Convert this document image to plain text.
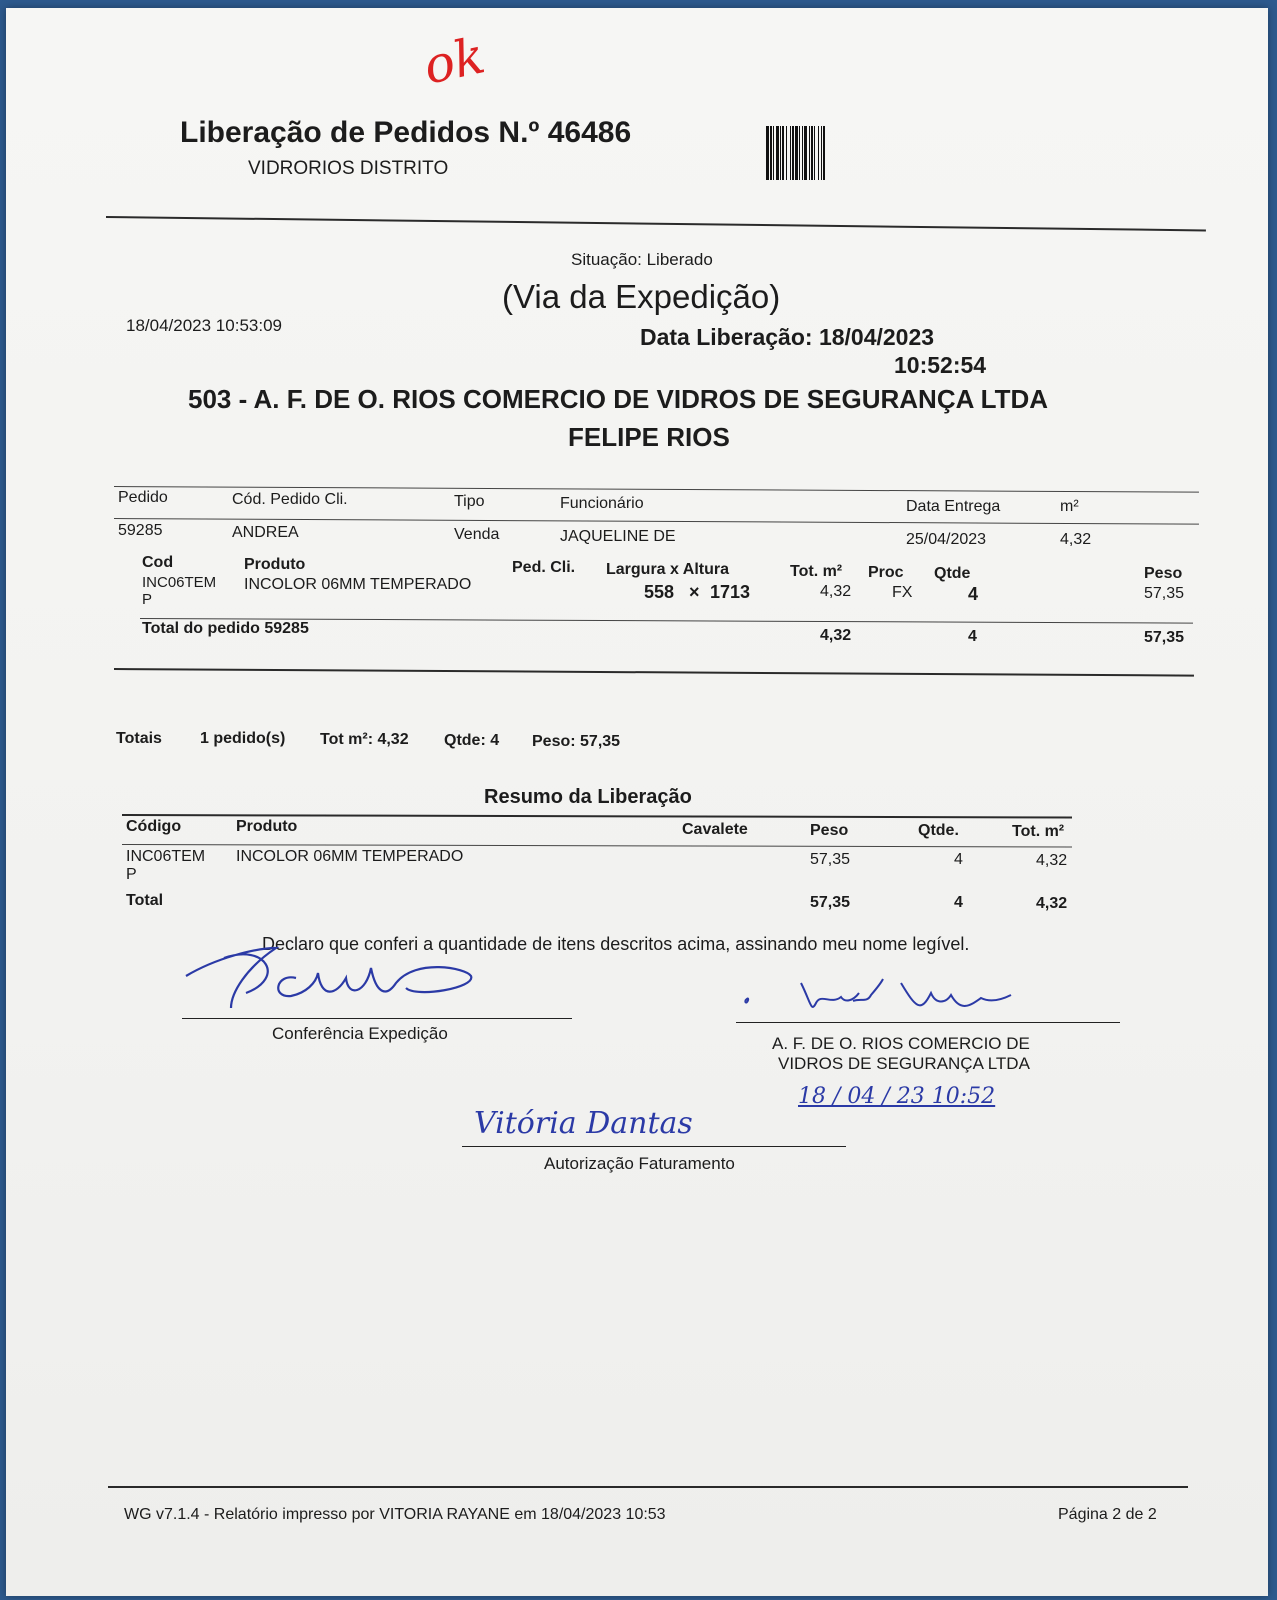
ok
Liberação de Pedidos N.º 46486
VIDRORIOS DISTRITO
Situação: Liberado
(Via da Expedição)
18/04/2023 10:53:09	Data Liberação: 18/04/2023
10:52:54
503 - A. F. DE O. RIOS COMERCIO DE VIDROS DE SEGURANÇA LTDA
FELIPE RIOS
Pedido	Cód. Pedido Cli.	Tipo	Funcionário	Data Entrega	m²
59285	ANDREA	Venda	JAQUELINE DE	25/04/2023	4,32
Cod	Produto	Ped. Cli. Largura x Altura	Tot. m² Proc Qtde	Peso
INC06TEM
P
INCOLOR 06MM TEMPERADO	558 × 1713	4,32	FX	4	57,35
Total do pedido 59285	4,32	4	57,35
Totais 1 pedido(s) Tot m²: 4,32 Qtde: 4 Peso: 57,35
Resumo da Liberação
Código	Produto	Cavalete	Peso	Qtde.	Tot. m²
INC06TEM
P
INCOLOR 06MM TEMPERADO	57,35	4	4,32
Total	57,35	4	4,32
Declaro que conferi a quantidade de itens descritos acima, assinando meu nome legível.
Conferência Expedição
A. F. DE O. RIOS COMERCIO DE
VIDROS DE SEGURANÇA LTDA
18 / 04 / 23 10:52
Vitória Dantas
Autorização Faturamento
WG v7.1.4 - Relatório impresso por VITORIA RAYANE em 18/04/2023 10:53	Página 2 de 2
